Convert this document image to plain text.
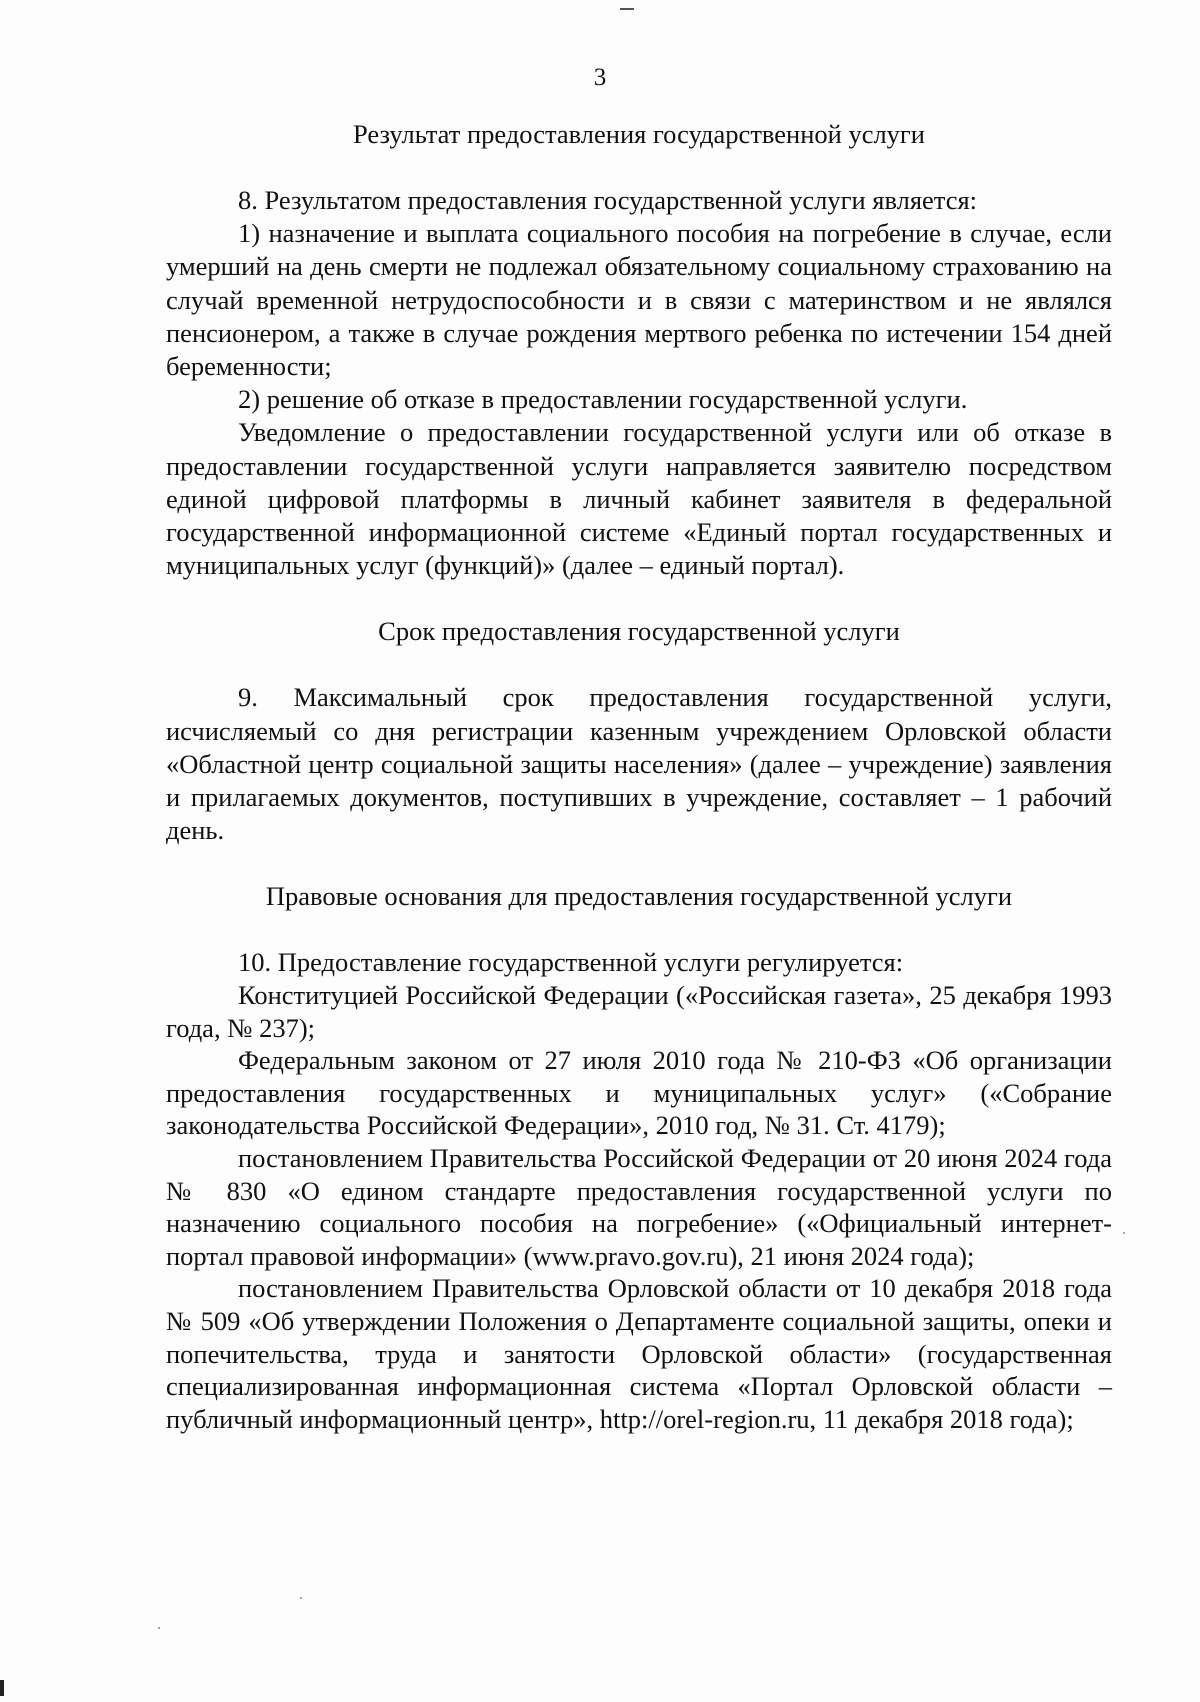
3
Результат предоставления государственной услуги

8. Результатом предоставления государственной услуги является:

1) назначение и выплата социального пособия на погребение в случае, если умерший на день смерти не подлежал обязательному социальному страхованию на случай временной нетрудоспособности и в связи с материнством и не являлся пенсионером, а также в случае рождения мертвого ребенка по истечении 154 дней беременности;

2) решение об отказе в предоставлении государственной услуги.

Уведомление о предоставлении государственной услуги или об отказе в предоставлении государственной услуги направляется заявителю посредством единой цифровой платформы в личный кабинет заявителя в федеральной государственной информационной системе «Единый портал государственных и муниципальных услуг (функций)» (далее – единый портал).

Срок предоставления государственной услуги

9. Максимальный срок предоставления государственной услуги, исчисляемый со дня регистрации казенным учреждением Орловской области «Областной центр социальной защиты населения» (далее – учреждение) заявления и прилагаемых документов, поступивших в учреждение, составляет – 1 рабочий день.

Правовые основания для предоставления государственной услуги

10. Предоставление государственной услуги регулируется:

Конституцией Российской Федерации («Российская газета», 25 декабря 1993 года, № 237);

Федеральным законом от 27 июля 2010 года № 210-ФЗ «Об организации предоставления государственных и муниципальных услуг» («Собрание законодательства Российской Федерации», 2010 год, № 31. Ст. 4179);

постановлением Правительства Российской Федерации от 20 июня 2024 года № 830 «О едином стандарте предоставления государственной услуги по назначению социального пособия на погребение» («Официальный интернет-портал правовой информации» (www.pravo.gov.ru), 21 июня 2024 года);

постановлением Правительства Орловской области от 10 декабря 2018 года № 509 «Об утверждении Положения о Департаменте социальной защиты, опеки и попечительства, труда и занятости Орловской области» (государственная специализированная информационная система «Портал Орловской области – публичный информационный центр», http://orel-region.ru, 11 декабря 2018 года);
